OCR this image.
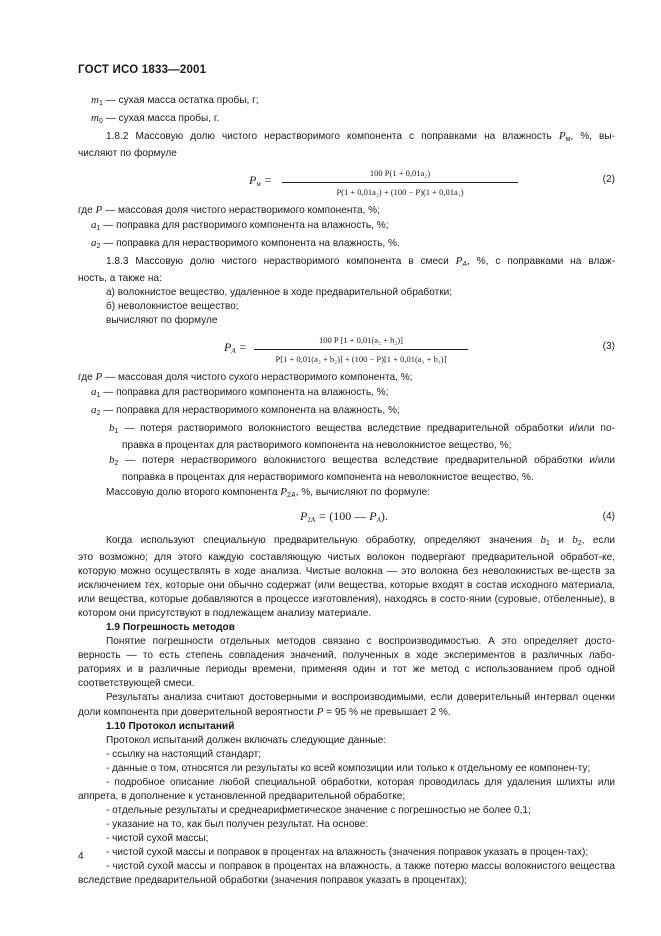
ГОСТ ИСО 1833—2001

$m_1$ — сухая масса остатка пробы, г;

$m_0$ — сухая масса пробы, г.

1.8.2 Массовую долю чистого нерастворимого компонента с поправками на влажность $P_м$, %, вы-

числяют по формуле

$P_м = \frac{\text{100 P(1 + 0,01a₂)}}{\text{P(1 + 0,01a₂) + (100 − P)(1 + 0,01a₁)}}$	(2)

где P — массовая доля чистого нерастворимого компонента, %;

$a_1$ — поправка для растворимого компонента на влажность, %;

$a_2$ — поправка для нерастворимого компонента на влажность, %.

1.8.3 Массовую долю чистого нерастворимого компонента в смеси PA, %, с поправками на влаж-

ность, а также на:

а) волокнистое вещество, удаленное в ходе предварительной обработки;

б) неволокнистое вещество;

вычисляют по формуле

PA = $\frac{\text{100 P [1 + 0,01(a₂ + b₂)]}}{\text{P[1 + 0,01(a₂ + b₂)] + (100 − P)[1 + 0,01(a₁ + b₁)]}}$	(3)

где P — массовая доля чистого сухого нерастворимого компонента, %;

$a_1$ — поправка для растворимого компонента на влажность, %;

$a_2$ — поправка для нерастворимого компонента на влажность, %;

$b_1$ — потеря растворимого волокнистого вещества вследствие предварительной обработки и/или по-

правка в процентах для растворимого компонента на неволокнистое вещество, %;

$b_2$ — потеря нерастворимого волокнистого вещества вследствие предварительной обработки и/или

поправка в процентах для нерастворимого компонента на неволокнистое вещество, %.

Массовую долю второго компонента $P_2A$, %, вычисляют по формуле:

$P_2A = (100$ — PA).	(4)

Когда используют специальную предварительную обработку, определяют значения $b_1$ и $b_2$, если

это возможно; для этого каждую составляющую чистых волокон подвергают предварительной обработ-ке, которую можно осуществлять в ходе анализа. Чистые волокна — это волокна без неволокнистых ве-ществ за исключением тех, которые они обычно содержат (или вещества, которые входят в состав исходного материала, или вещества, которые добавляются в процессе изготовления), находясь в состо-янии (суровые, отбеленные), в котором они присутствуют в подлежащем анализу материале.

1.9 Погрешность методов

Понятие погрешности отдельных методов связано с воспроизводимостью. А это определяет досто-верность — то есть степень совпадения значений, полученных в ходе экспериментов в различных лабо-раториях и в различные периоды времени, применяя один и тот же метод с использованием проб одной соответствующей смеси.

Результаты анализа считают достоверными и воспроизводимыми, если доверительный интервал оценки доли компонента при доверительной вероятности P = 95 % не превышает 2 %.

1.10 Протокол испытаний

Протокол испытаний должен включать следующие данные:

- ссылку на настоящий стандарт;

- данные о том, относятся ли результаты ко всей композиции или только к отдельному ее компонен-ту;

- подробное описание любой специальной обработки, которая проводилась для удаления шлихты или аппрета, в дополнение к установленной предварительной обработке;

- отдельные результаты и среднеарифметическое значение с погрешностью не более 0,1;

- указание на то, как был получен результат. На основе:

- чистой сухой массы;

- чистой сухой массы и поправок в процентах на влажность (значения поправок указать в процен-тах);

- чистой сухой массы и поправок в процентах на влажность, а также потерю массы волокнистого вещества вследствие предварительной обработки (значения поправок указать в процентах);

4
